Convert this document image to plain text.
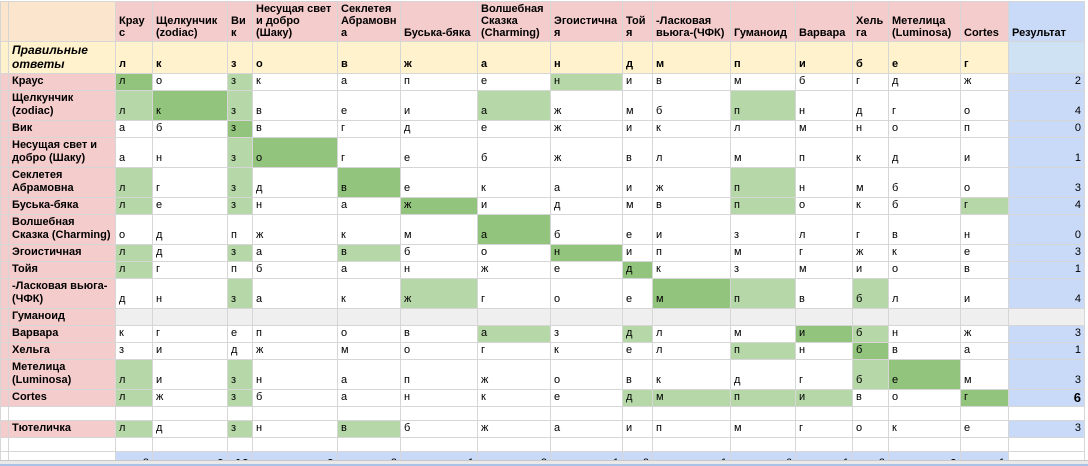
		Краус	Щелкунчик (zodiac)	Вик	Несущая свет и добро (Шаку)	Секлетея Абрамовна	Буська-бяка	Волшебная Сказка (Charming)	Эгоистичная	Тойя	-Ласковая вьюга-(ЧФК)	Гуманоид	Варвара	Хельга	Метелица (Luminosa)	Cortes	Результат
	Правильные ответы	л	к	з	о	в	ж	а	н	д	м	п	и	б	е	г	
	Краус	л	о	з	к	а	п	е	н	и	в	м	б	г	д	ж	2
	Щелкунчик (zodiac)	л	к	з	в	е	и	а	ж	м	б	п	н	д	г	о	4
	Вик	а	б	з	в	г	д	е	ж	и	к	л	м	н	о	п	0
	Несущая свет и добро (Шаку)	а	н	з	о	г	е	б	ж	в	л	м	п	к	д	и	1
	Секлетея Абрамовна	л	г	з	д	в	е	к	а	и	ж	п	н	м	б	о	3
	Буська-бяка	л	е	з	н	а	ж	и	д	м	в	п	о	к	б	г	4
	Волшебная Сказка (Charming)	о	д	п	ж	к	м	а	б	е	и	з	л	г	в	н	0
	Эгоистичная	л	д	з	а	в	б	о	н	и	п	м	г	ж	к	е	3
	Тойя	л	г	п	б	а	н	ж	е	д	к	з	м	и	о	в	1
	-Ласковая вьюга-(ЧФК)	д	н	з	а	к	ж	г	о	е	м	п	в	б	л	и	4
	Гуманоид																
	Варвара	к	г	е	п	о	в	а	з	д	л	м	и	б	н	ж	3
	Хельга	з	и	д	ж	м	о	г	к	е	л	п	н	б	в	а	1
	Метелица (Luminosa)	л	и	з	н	а	п	ж	о	в	к	д	г	б	е	м	3
	Cortes	л	ж	з	б	а	н	к	е	д	м	п	и	в	о	г	6

	Тютеличка	л	д	з	н	в	б	ж	а	и	п	м	г	о	к	е	3
